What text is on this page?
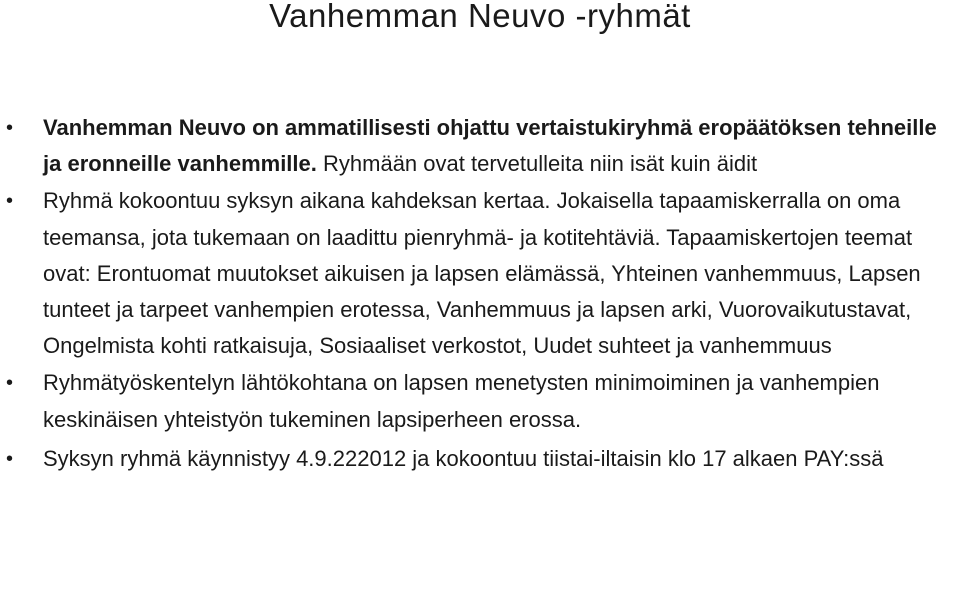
Vanhemman Neuvo -ryhmät
• Vanhemman Neuvo on ammatillisesti ohjattu vertaistukiryhmä eropäätöksen tehneille ja eronneille vanhemmille. Ryhmään ovat tervetulleita niin isät kuin äidit
• Ryhmä kokoontuu syksyn aikana kahdeksan kertaa. Jokaisella tapaamiskerralla on oma teemansa, jota tukemaan on laadittu pienryhmä- ja kotitehtäviä. Tapaamiskertojen teemat ovat: Erontuomat muutokset aikuisen ja lapsen elämässä, Yhteinen vanhemmuus, Lapsen tunteet ja tarpeet vanhempien erotessa, Vanhemmuus ja lapsen arki, Vuorovaikutustavat, Ongelmista kohti ratkaisuja, Sosiaaliset verkostot, Uudet suhteet ja vanhemmuus
• Ryhmätyöskentelyn lähtökohtana on lapsen menetysten minimoiminen ja vanhempien keskinäisen yhteistyön tukeminen lapsiperheen erossa.
• Syksyn ryhmä käynnistyy 4.9.222012 ja kokoontuu tiistai-iltaisin klo 17 alkaen PAY:ssä
